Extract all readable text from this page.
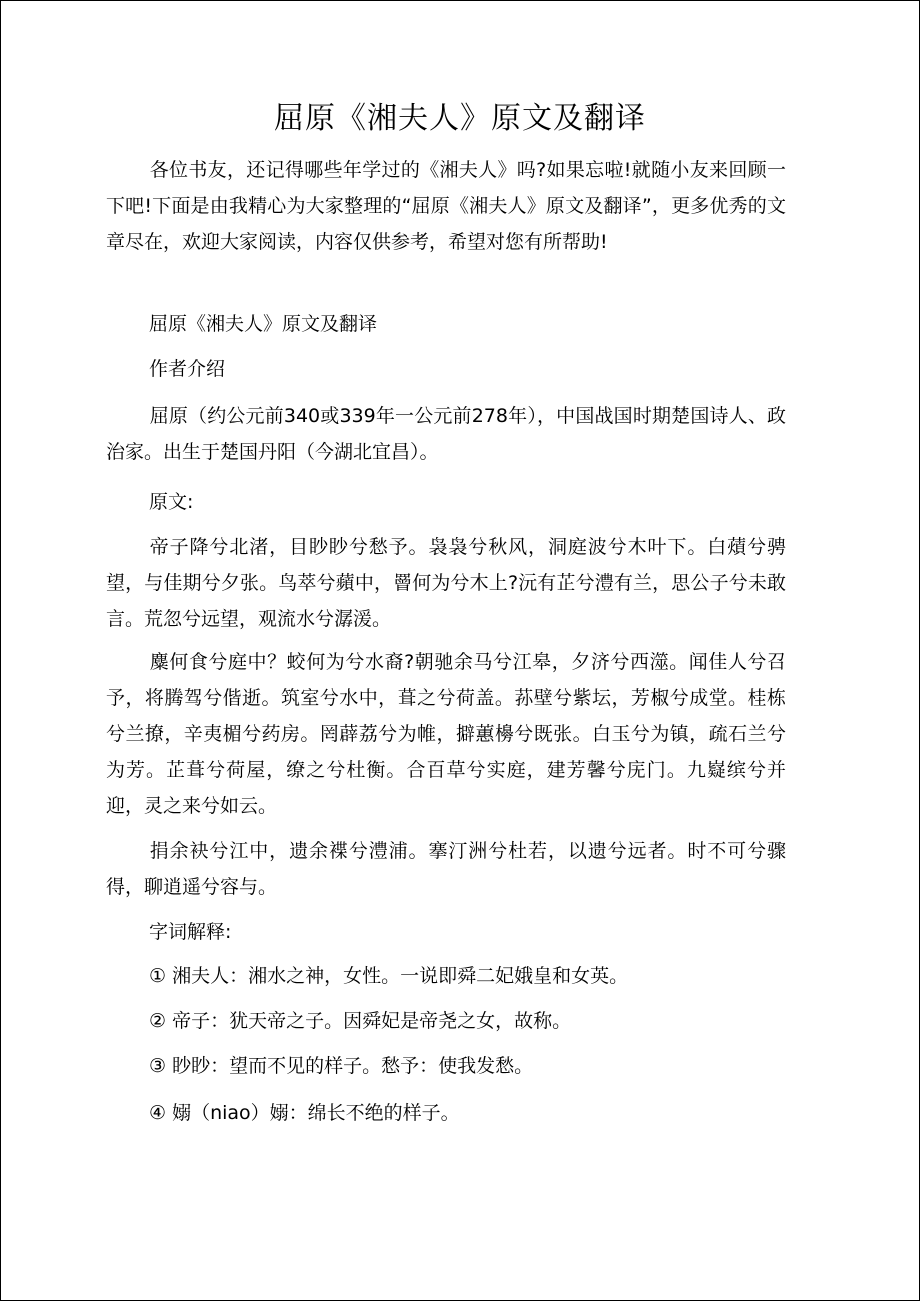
屈原《湘夫人》原文及翻译

各位书友，还记得哪些年学过的《湘夫人》吗?如果忘啦!就随小友来回顾一下吧!下面是由我精心为大家整理的“屈原《湘夫人》原文及翻译”，更多优秀的文章尽在，欢迎大家阅读，内容仅供参考，希望对您有所帮助!

屈原《湘夫人》原文及翻译

作者介绍

屈原（约公元前340或339年一公元前278年），中国战国时期楚国诗人、政治家。出生于楚国丹阳（今湖北宜昌）。

原文:

帝子降兮北渚，目眇眇兮愁予。袅袅兮秋风，洞庭波兮木叶下。白薠兮骋望，与佳期兮夕张。鸟萃兮蘋中，罾何为兮木上?沅有芷兮澧有兰，思公子兮未敢言。荒忽兮远望，观流水兮潺湲。

麋何食兮庭中？蛟何为兮水裔?朝驰余马兮江皋，夕济兮西澨。闻佳人兮召予，将腾驾兮偕逝。筑室兮水中，葺之兮荷盖。荪壁兮紫坛，芳椒兮成堂。桂栋兮兰撩，辛夷楣兮药房。罔薜荔兮为帷，擗蕙櫋兮既张。白玉兮为镇，疏石兰兮为芳。芷葺兮荷屋，缭之兮杜衡。合百草兮实庭，建芳馨兮庑门。九嶷缤兮并迎，灵之来兮如云。

捐余袂兮江中，遗余褋兮澧浦。搴汀洲兮杜若，以遗兮远者。时不可兮骤得，聊逍遥兮容与。

字词解释:

① 湘夫人：湘水之神，女性。一说即舜二妃娥皇和女英。

② 帝子：犹天帝之子。因舜妃是帝尧之女，故称。

③ 眇眇：望而不见的样子。愁予：使我发愁。

④ 嫋（niao）嫋：绵长不绝的样子。
